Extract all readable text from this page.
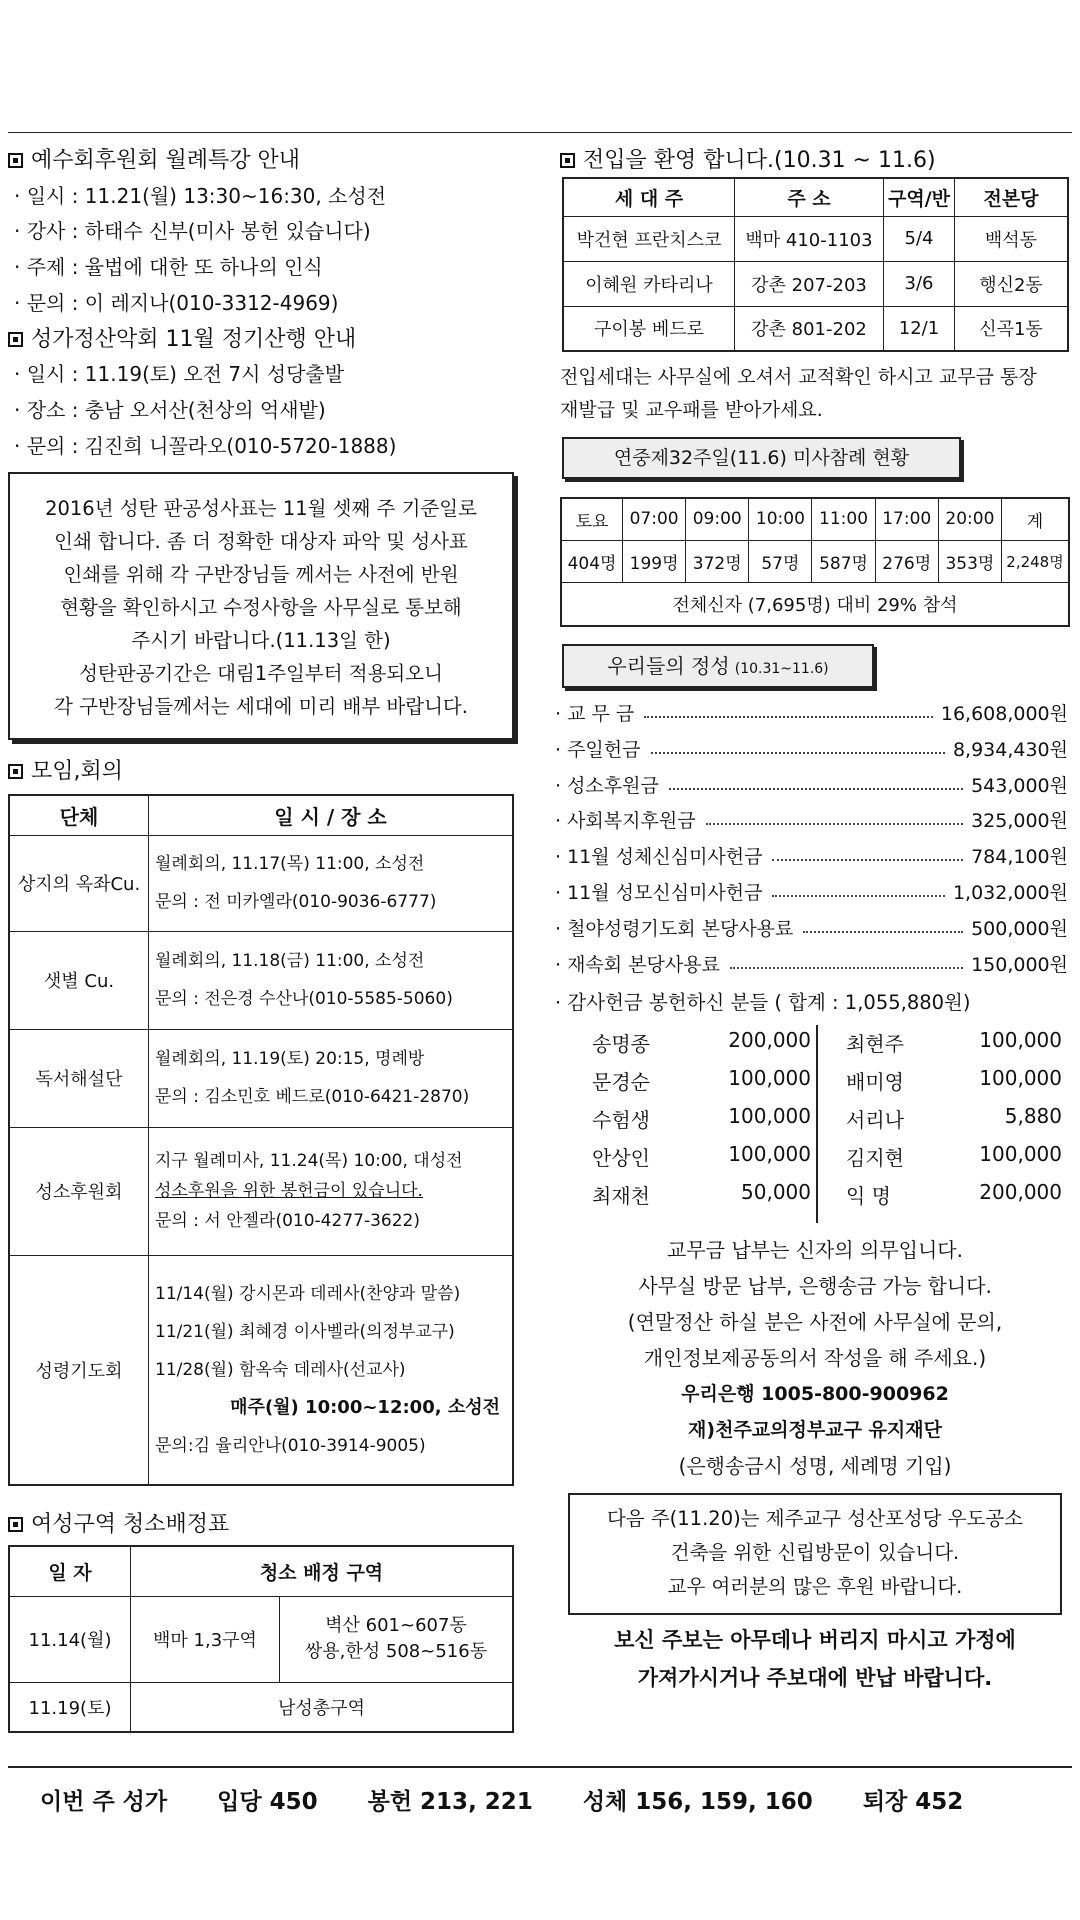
예수회후원회 월례특강 안내
· 일시 : 11.21(월) 13:30~16:30, 소성전
· 강사 : 하태수 신부(미사 봉헌 있습니다)
· 주제 : 율법에 대한 또 하나의 인식
· 문의 : 이 레지나(010-3312-4969)
성가정산악회 11월 정기산행 안내
· 일시 : 11.19(토) 오전 7시 성당출발
· 장소 : 충남 오서산(천상의 억새밭)
· 문의 : 김진희 니꼴라오(010-5720-1888)
2016년 성탄 판공성사표는 11월 셋째 주 기준일로
인쇄 합니다. 좀 더 정확한 대상자 파악 및 성사표
인쇄를 위해 각 구반장님들 께서는 사전에 반원
현황을 확인하시고 수정사항을 사무실로 통보해
주시기 바랍니다.(11.13일 한)
성탄판공기간은 대림1주일부터 적용되오니
각 구반장님들께서는 세대에 미리 배부 바랍니다.
모임,회의
단체	일 시 / 장 소
상지의 옥좌Cu.	월례회의, 11.17(목) 11:00, 소성전
문의 : 전 미카엘라(010-9036-6777)

샛별 Cu.	월례회의, 11.18(금) 11:00, 소성전
문의 : 전은경 수산나(010-5585-5060)

독서해설단	월례회의, 11.19(토) 20:15, 명례방
문의 : 김소민호 베드로(010-6421-2870)

성소후원회	지구 월례미사, 11.24(목) 10:00, 대성전
성소후원을 위한 봉헌금이 있습니다.
문의 : 서 안젤라(010-4277-3622)

성령기도회	11/14(월) 강시몬과 데레사(찬양과 말씀)
11/21(월) 최혜경 이사벨라(의정부교구)
11/28(월) 함옥숙 데레사(선교사)
매주(월) 10:00~12:00, 소성전
문의:김 율리안나(010-3914-9005)
여성구역 청소배정표
일 자	청소 배정 구역	
11.14(월)	백마 1,3구역	벽산 601~607동
쌍용,한성 508~516동

11.19(토)	남성총구역	
전입을 환영 합니다.(10.31 ~ 11.6)
세 대 주	주 소	구역/반	전본당
박건현 프란치스코	백마 410-1103	5/4	백석동
이혜원 카타리나	강촌 207-203	3/6	행신2동
구이봉 베드로	강촌 801-202	12/1	신곡1동
전입세대는 사무실에 오셔서 교적확인 하시고 교무금 통장
재발급 및 교우패를 받아가세요.
연중제32주일(11.6) 미사참례 현황
토요	07:00	09:00	10:00	11:00	17:00	20:00	계
404명	199명	372명	57명	587명	276명	353명	2,248명
전체신자 (7,695명) 대비 29% 참석							
우리들의 정성 (10.31~11.6)
· 교 무 금	16,608,000원
· 주일헌금	8,934,430원
· 성소후원금	543,000원
· 사회복지후원금	325,000원
· 11월 성체신심미사헌금	784,100원
· 11월 성모신심미사헌금	1,032,000원
· 철야성령기도회 본당사용료	500,000원
· 재속회 본당사용료	150,000원
· 감사헌금 봉헌하신 분들 ( 합계 : 1,055,880원)
송명종	200,000 최현주	100,000
문경순	100,000 배미영	100,000
수험생	100,000 서리나	5,880
안상인	100,000 김지현	100,000
최재천	50,000 익 명	200,000
교무금 납부는 신자의 의무입니다.
사무실 방문 납부, 은행송금 가능 합니다.
(연말정산 하실 분은 사전에 사무실에 문의,
개인정보제공동의서 작성을 해 주세요.)
우리은행 1005-800-900962
재)천주교의정부교구 유지재단
(은행송금시 성명, 세례명 기입)
다음 주(11.20)는 제주교구 성산포성당 우도공소
건축을 위한 신립방문이 있습니다.
교우 여러분의 많은 후원 바랍니다.
보신 주보는 아무데나 버리지 마시고 가정에
가져가시거나 주보대에 반납 바랍니다.
이번 주 성가 입당 450 봉헌 213, 221 성체 156, 159, 160 퇴장 452
